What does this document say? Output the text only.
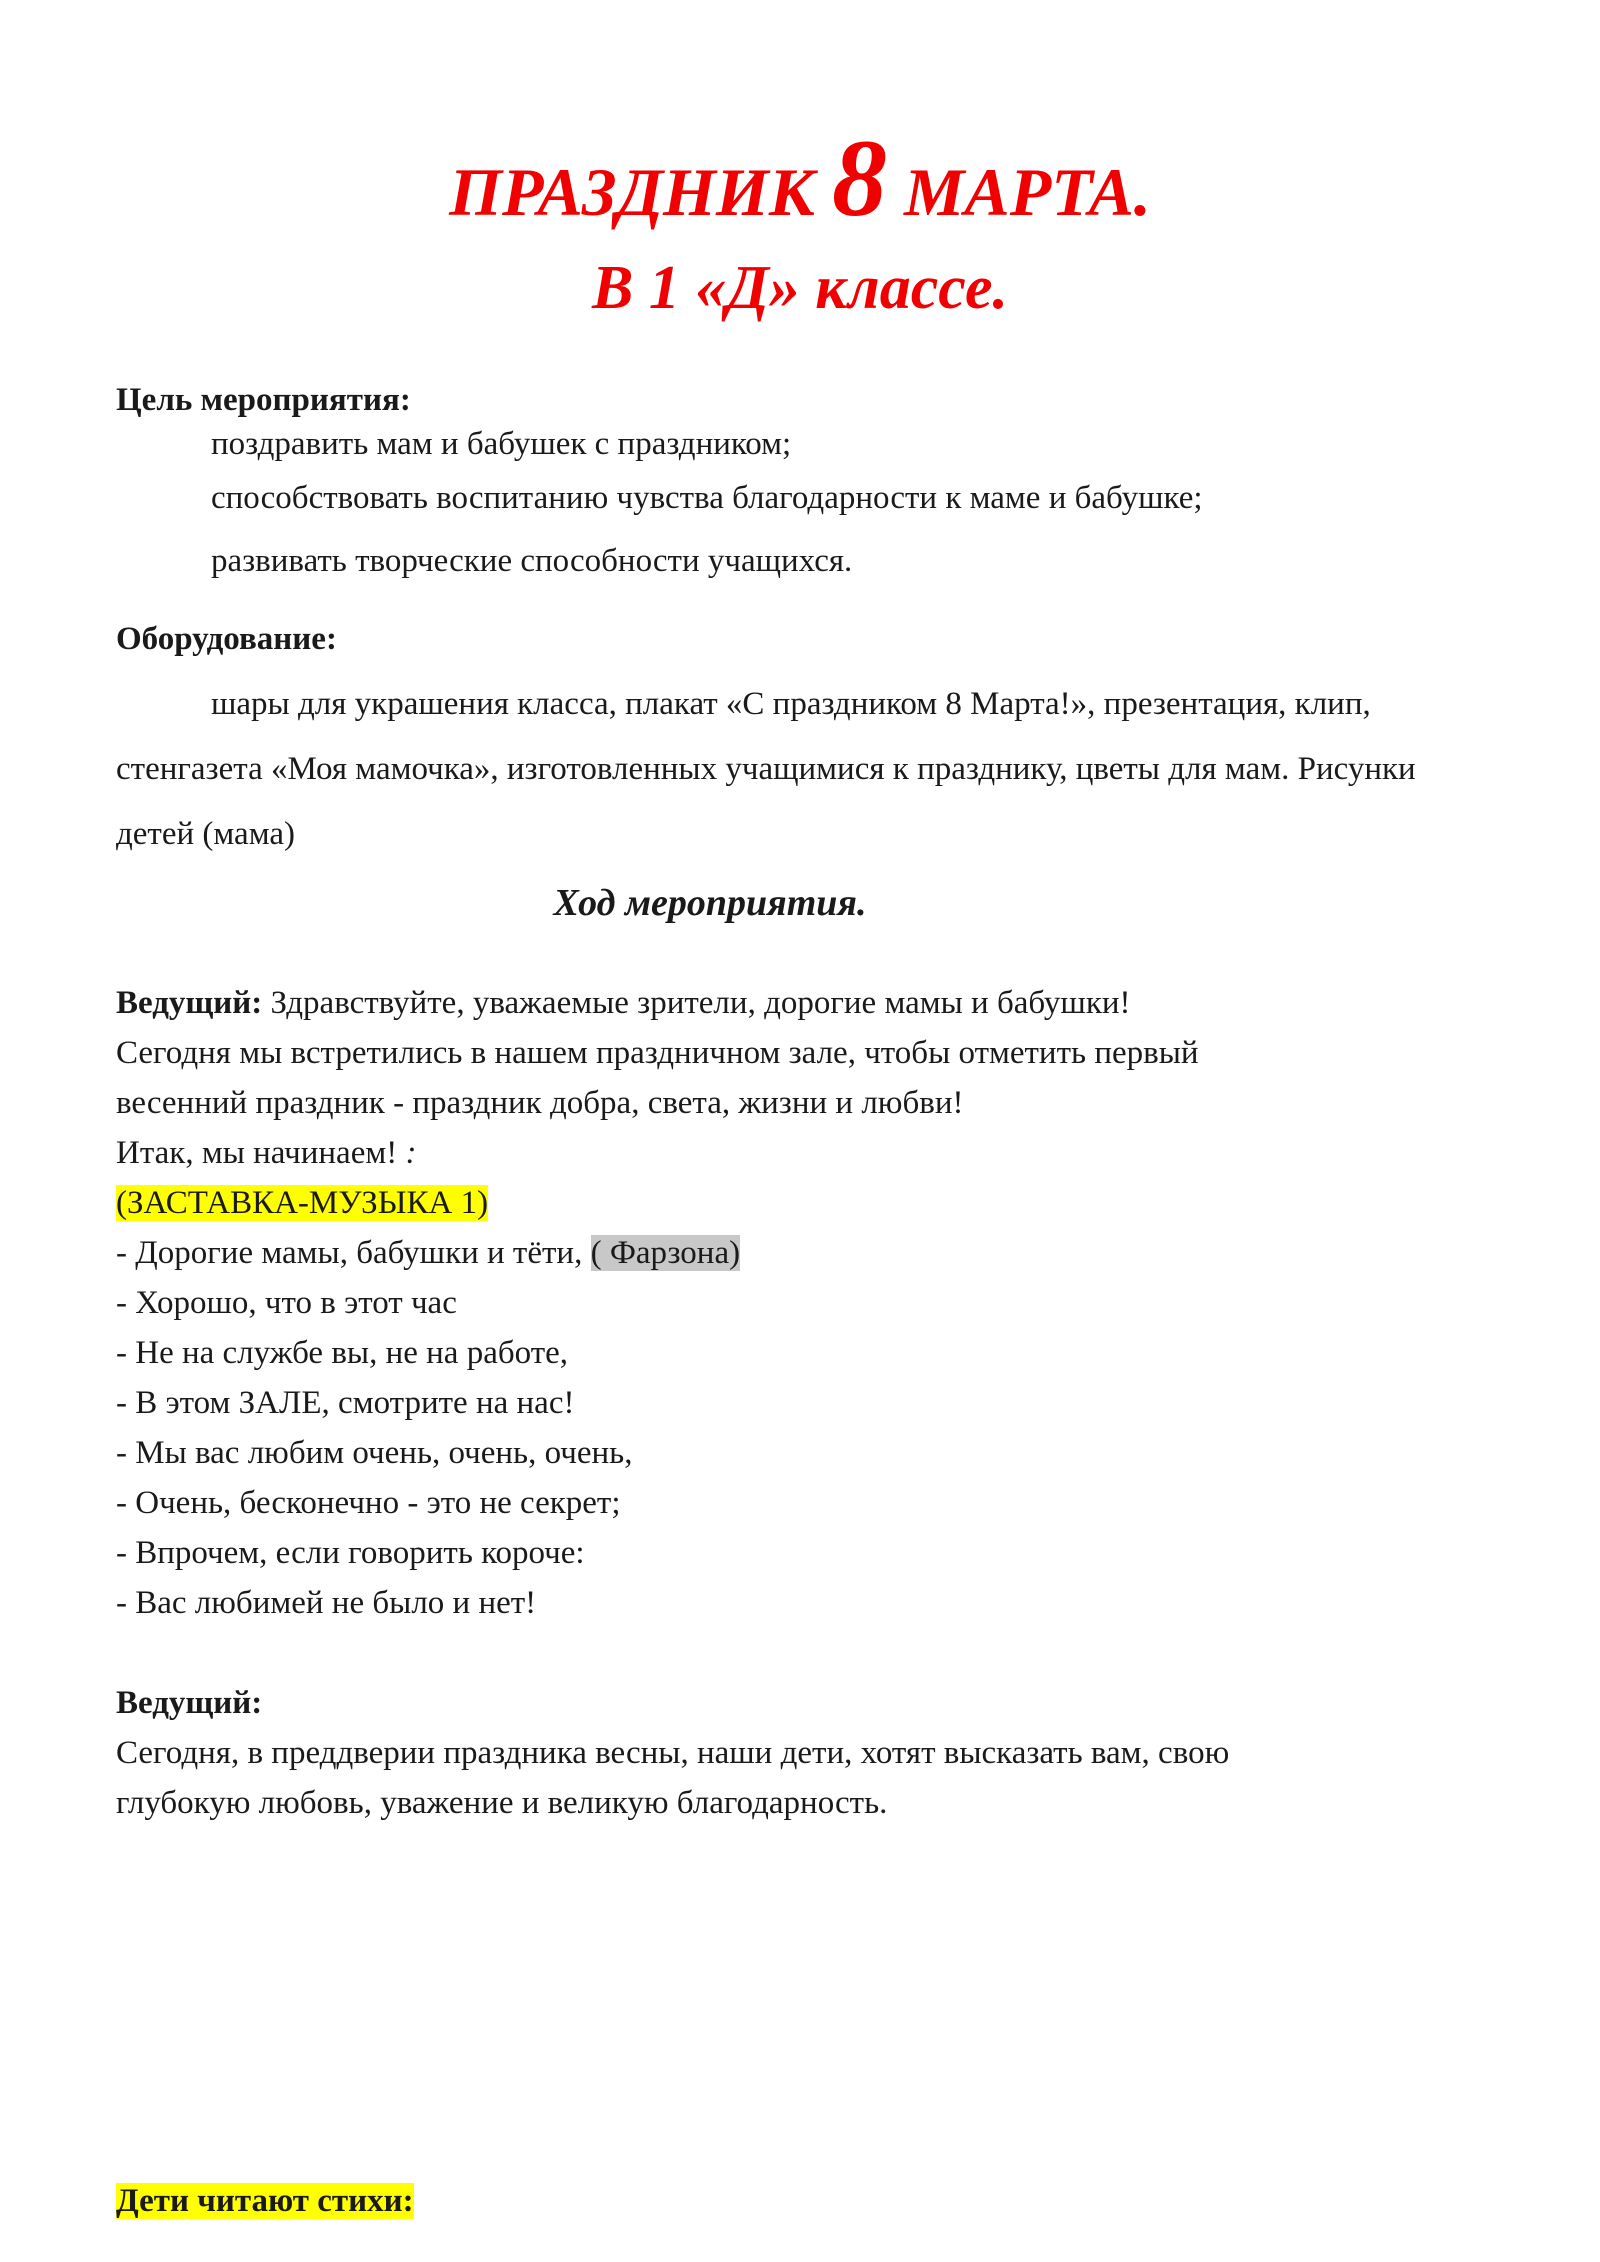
ПРАЗДНИК 8 МАРТА.
В 1 «Д» классе.
Цель мероприятия:
поздравить мам и бабушек с праздником;
способствовать воспитанию чувства благодарности к маме и бабушке;
развивать творческие способности учащихся.
Оборудование:
шары для украшения класса, плакат «С праздником 8 Марта!», презентация, клип, стенгазета «Моя мамочка», изготовленных учащимися к празднику, цветы для мам. Рисунки детей (мама)
Ход мероприятия.
Ведущий: Здравствуйте, уважаемые зрители, дорогие мамы и бабушки!
Сегодня мы встретились в нашем праздничном зале, чтобы отметить первый
весенний праздник - праздник добра, света, жизни и любви!
Итак, мы начинаем! :
(ЗАСТАВКА-МУЗЫКА 1)
- Дорогие мамы, бабушки и тёти, ( Фарзона)
- Хорошо, что в этот час
- Не на службе вы, не на работе,
- В этом ЗАЛЕ, смотрите на нас!
- Мы вас любим очень, очень, очень,
- Очень, бесконечно - это не секрет;
- Впрочем, если говорить короче:
- Вас любимей не было и нет!
Ведущий:
Сегодня, в преддверии праздника весны, наши дети, хотят высказать вам, свою
глубокую любовь, уважение и великую благодарность.
Дети читают стихи:
